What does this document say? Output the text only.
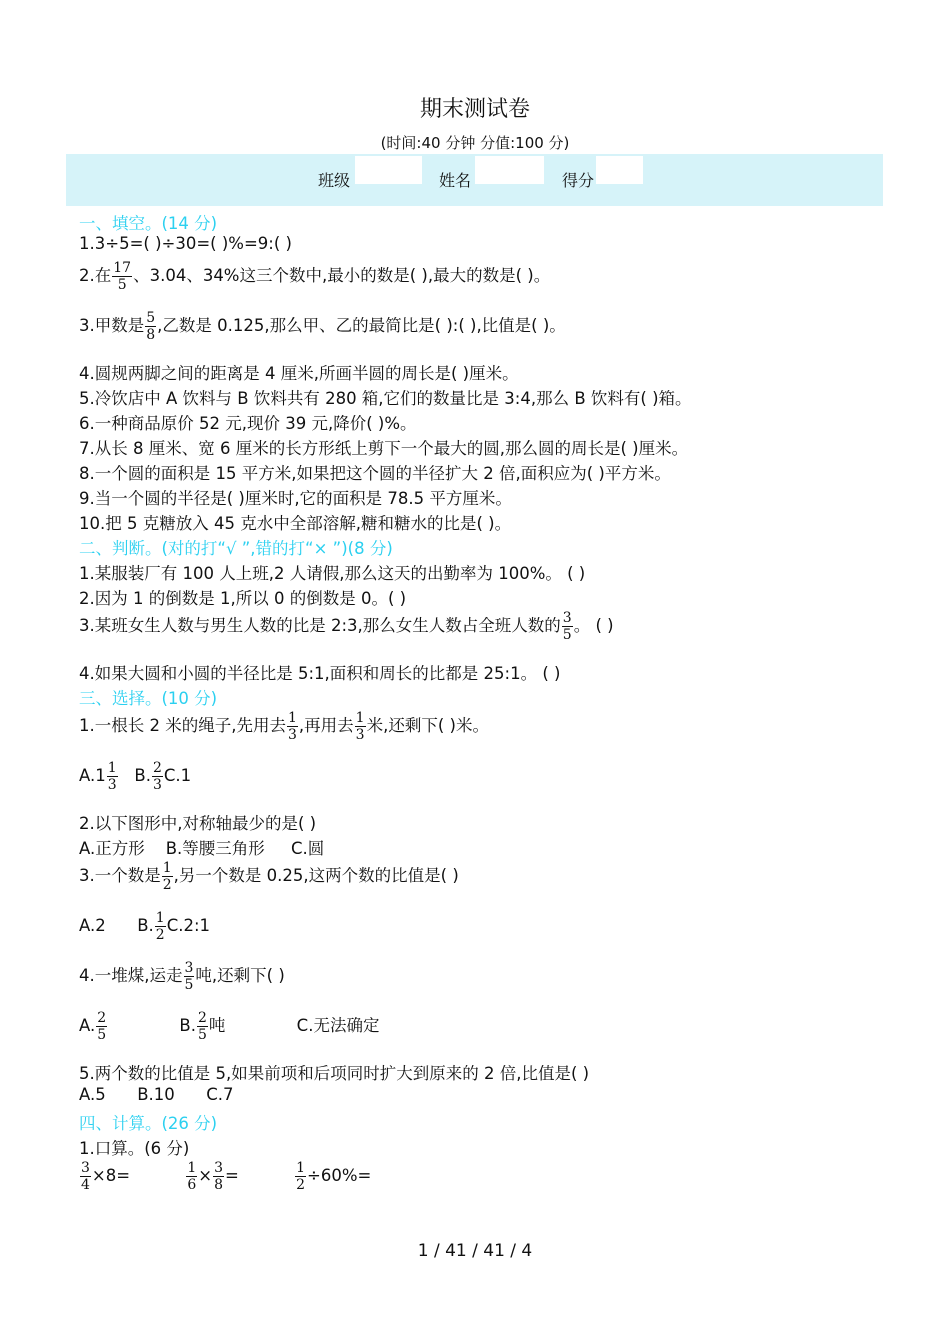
期末测试卷
(时间:40 分钟 分值:100 分)
班级	姓名	得分
一、填空。(14 分)
1.3÷5=( )÷30=( )%=9:( )
2.在 $\frac{17}{5}$ 、3.04、34%这三个数中,最小的数是( ),最大的数是( )。
3.甲数是 $\frac{5}{8}$ ,乙数是 0.125,那么甲、乙的最简比是( ):( ),比值是( )。
4.圆规两脚之间的距离是 4 厘米,所画半圆的周长是( )厘米。
5.冷饮店中 A 饮料与 B 饮料共有 280 箱,它们的数量比是 3:4,那么 B 饮料有( )箱。
6.一种商品原价 52 元,现价 39 元,降价( )%。
7.从长 8 厘米、宽 6 厘米的长方形纸上剪下一个最大的圆,那么圆的周长是( )厘米。
8.一个圆的面积是 15 平方米,如果把这个圆的半径扩大 2 倍,面积应为( )平方米。
9.当一个圆的半径是( )厘米时,它的面积是 78.5 平方厘米。
10.把 5 克糖放入 45 克水中全部溶解,糖和糖水的比是( )。
二、判断。(对的打“√ ”,错的打“× ”)(8 分)
1.某服装厂有 100 人上班,2 人请假,那么这天的出勤率为 100%。 ( )
2.因为 1 的倒数是 1,所以 0 的倒数是 0。( )
3.某班女生人数与男生人数的比是 2:3,那么女生人数占全班人数的 $\frac{3}{5}$ 。 ( )
4.如果大圆和小圆的半径比是 5:1,面积和周长的比都是 25:1。 ( )
三、选择。(10 分)
1.一根长 2 米的绳子,先用去 $\frac{1}{3}$ ,再用去 $\frac{1}{3}$ 米,还剩下( )米。
$A.1 \frac{1}{3} B$. $\frac{2}{3} C.1$
2.以下图形中,对称轴最少的是( )
A.正方形    B.等腰三角形     C.圆
3.一个数是 $\frac{1}{2}$ ,另一个数是 0.25,这两个数的比值是( )
A.2      B. $\frac{1}{2}$ C.2:1
4.一堆煤,运走 $\frac{3}{5}$ 吨,还剩下( )
A. $\frac{2}{5}$	B. $\frac{2}{5}$ 吨	C.无法确定
5.两个数的比值是 5,如果前项和后项同时扩大到原来的 2 倍,比值是( )
A.5      B.10      C.7
四、计算。(26 分)
1.口算。(6 分)
$\frac{3}{4} \times 8=$	$\frac{1}{6} \times \frac{3}{8}$ =	$\frac{1}{2} \div 60\%=$
1 / 41 / 41 / 4
